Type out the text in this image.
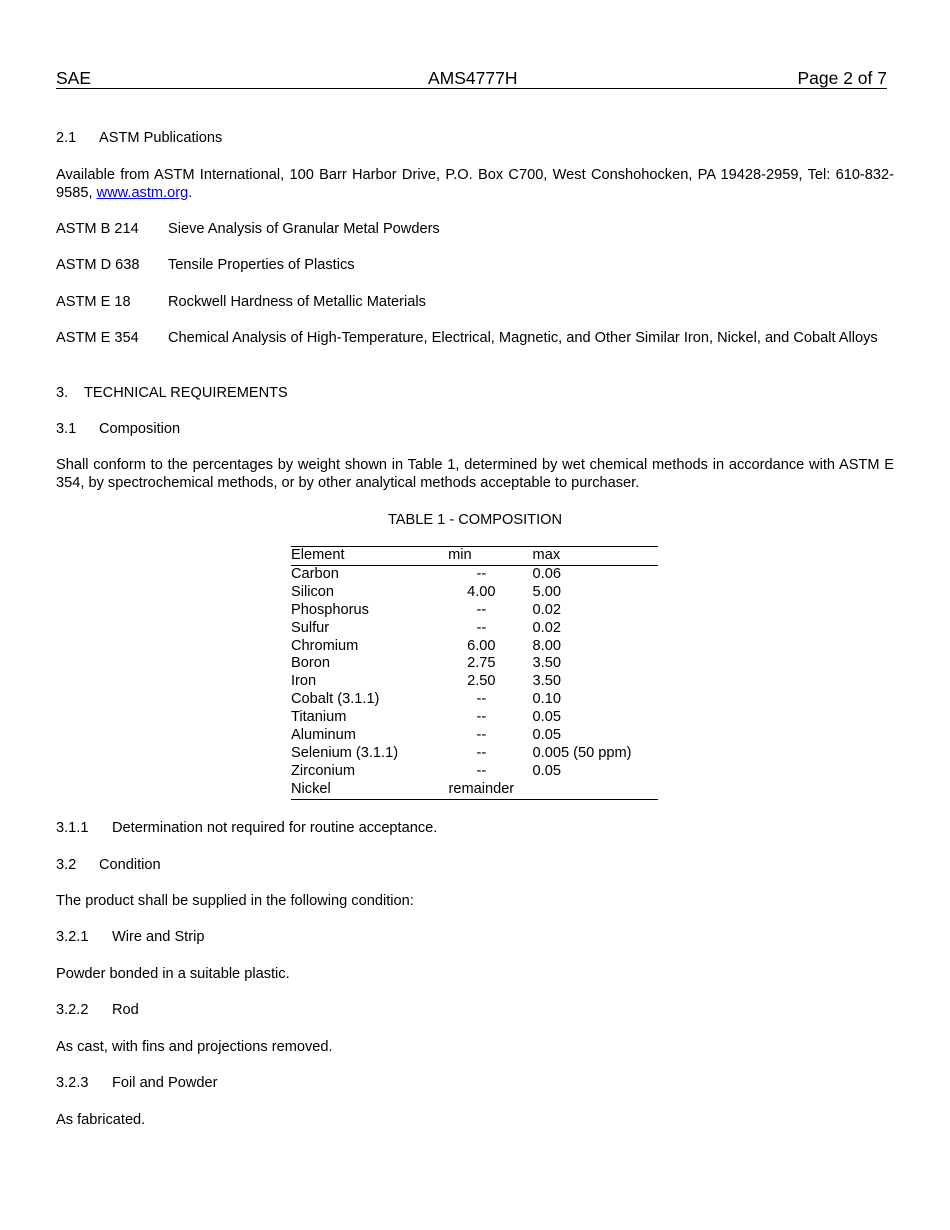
SAE	AMS4777H	Page 2 of 7
2.1 ASTM Publications
Available from ASTM International, 100 Barr Harbor Drive, P.O. Box C700, West Conshohocken, PA 19428-2959, Tel: 610-832-9585, www.astm.org.
ASTM B 214 Sieve Analysis of Granular Metal Powders
ASTM D 638 Tensile Properties of Plastics
ASTM E 18	Rockwell Hardness of Metallic Materials
ASTM E 354 Chemical Analysis of High-Temperature, Electrical, Magnetic, and Other Similar Iron, Nickel, and Cobalt Alloys
3. TECHNICAL REQUIREMENTS
3.1 Composition
Shall conform to the percentages by weight shown in Table 1, determined by wet chemical methods in accordance with ASTM E 354, by spectrochemical methods, or by other analytical methods acceptable to purchaser.
TABLE 1 - COMPOSITION
Element	min	max
Carbon	--	0.06
Silicon	4.00	5.00
Phosphorus	--	0.02
Sulfur	--	0.02
Chromium	6.00	8.00
Boron	2.75	3.50
Iron	2.50	3.50
Cobalt (3.1.1)	--	0.10
Titanium	--	0.05
Aluminum	--	0.05
Selenium (3.1.1)	--	0.005 (50 ppm)
Zirconium	--	0.05
Nickel	remainder	
3.1.1 Determination not required for routine acceptance.
3.2 Condition
The product shall be supplied in the following condition:
3.2.1 Wire and Strip
Powder bonded in a suitable plastic.
3.2.2 Rod
As cast, with fins and projections removed.
3.2.3 Foil and Powder
As fabricated.
